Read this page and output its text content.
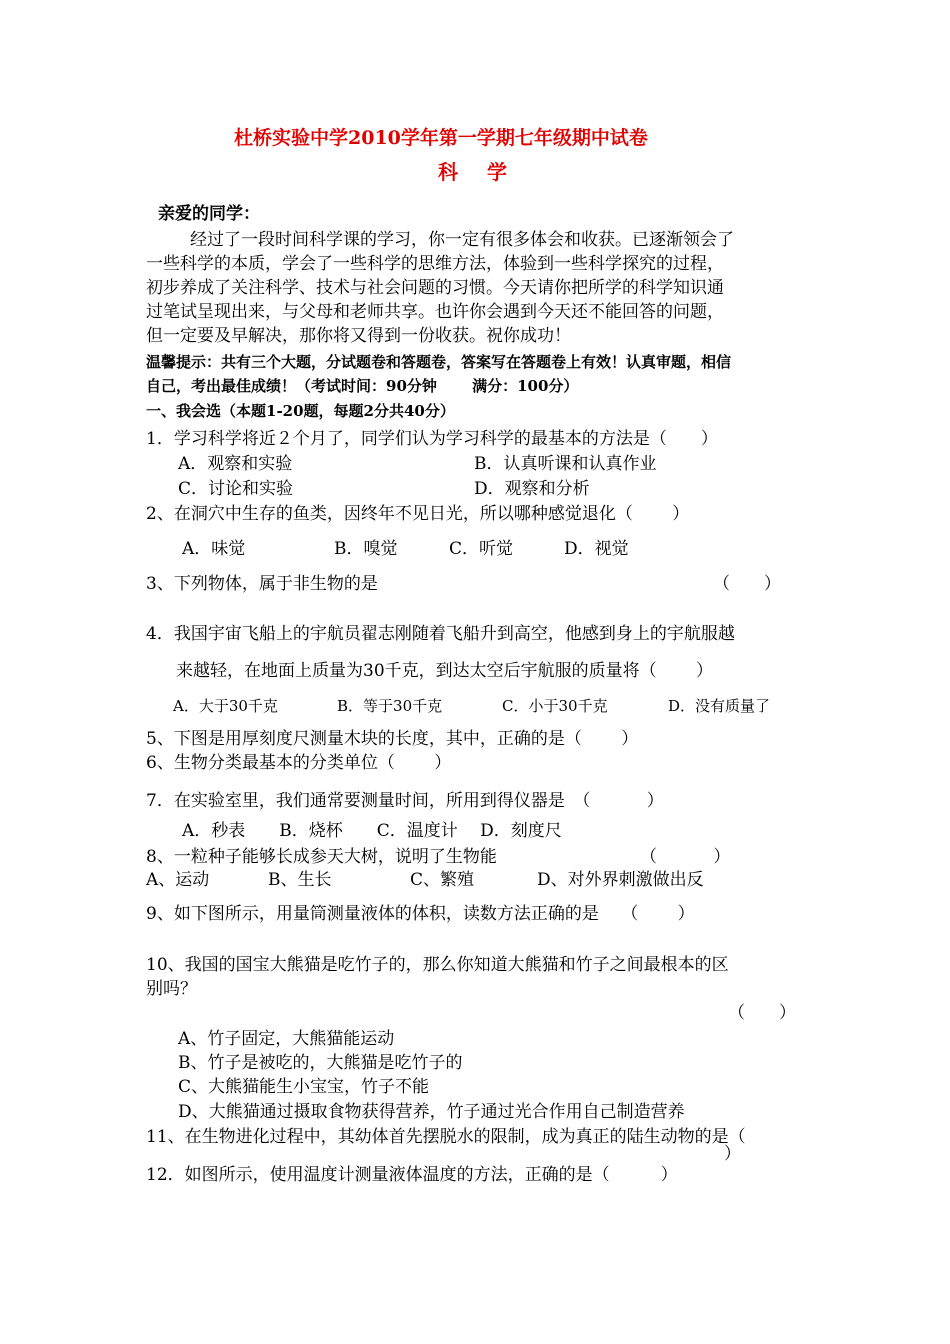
杜桥实验中学2010学年第一学期七年级期中试卷
科 学
亲爱的同学：
经过了一段时间科学课的学习，你一定有很多体会和收获。已逐渐领会了
一些科学的本质，学会了一些科学的思维方法，体验到一些科学探究的过程，
初步养成了关注科学、技术与社会问题的习惯。今天请你把所学的科学知识通
过笔试呈现出来，与父母和老师共享。也许你会遇到今天还不能回答的问题，
但一定要及早解决，那你将又得到一份收获。祝你成功！
温馨提示：共有三个大题，分试题卷和答题卷，答案写在答题卷上有效！认真审题，相信
自己，考出最佳成绩！（考试时间：90分钟　　 满分：100分）
一、我会选（本题1-20题，每题2分共40分）
1．学习科学将近２个月了，同学们认为学习科学的最基本的方法是（　　）
A．观察和实验	B．认真听课和认真作业
C．讨论和实验	D．观察和分析
2、在洞穴中生存的鱼类，因终年不见日光，所以哪种感觉退化（　　 ）
A．味觉	B．嗅觉	C．听觉	D．视觉
3、下列物体，属于非生物的是	（　　）
4．我国宇宙飞船上的宇航员翟志刚随着飞船升到高空，他感到身上的宇航服越
来越轻，在地面上质量为30千克，到达太空后宇航服的质量将（　　 ）
A．大于30千克	B．等于30千克	C．小于30千克	D．没有质量了
5、下图是用厚刻度尺测量木块的长度，其中，正确的是（　　 ）
6、生物分类最基本的分类单位（　　 ）
7．在实验室里，我们通常要测量时间，所用到得仪器是　（　　　 ）
A．秒表　　B．烧杯　　C．温度计　 D．刻度尺
8、一粒种子能够长成参天大树，说明了生物能	（　　　 ）
A、运动	B、生长	C、繁殖	D、对外界刺激做出反
9、如下图所示，用量筒测量液体的体积，读数方法正确的是　 （　　 ）
10、我国的国宝大熊猫是吃竹子的，那么你知道大熊猫和竹子之间最根本的区
别吗？
（　　）
A、竹子固定，大熊猫能运动
B、竹子是被吃的，大熊猫是吃竹子的
C、大熊猫能生小宝宝，竹子不能
D、大熊猫通过摄取食物获得营养，竹子通过光合作用自己制造营养
11、在生物进化过程中，其幼体首先摆脱水的限制，成为真正的陆生动物的是（
）
12．如图所示，使用温度计测量液体温度的方法，正确的是（　　　）
